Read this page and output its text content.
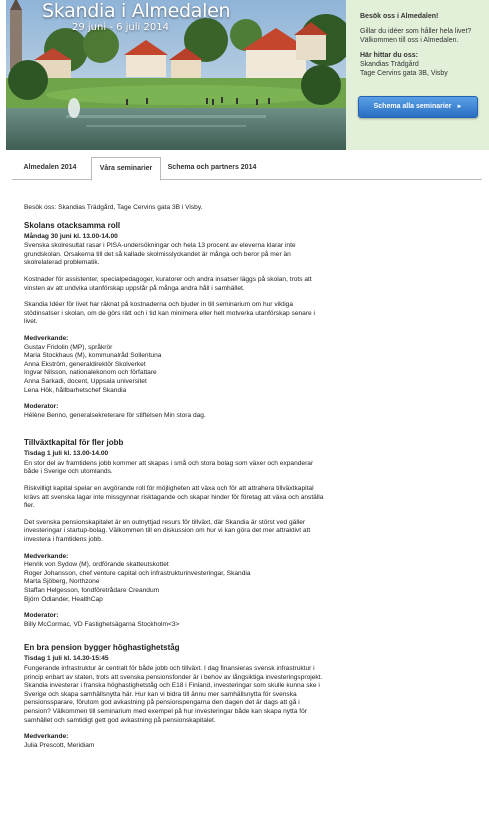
Skandia i Almedalen
29 juni - 6 juli 2014
Besök oss i Almedalen!
Gillar du idéer som håller hela livet? Välkommen till oss i Almedalen.
Här hittar du oss:
Skandias Trädgård
Tage Cervins gata 3B, Visby
Schema alla seminarier ►
Almedalen 2014	Våra seminarier	Schema och partners 2014

Besök oss: Skandias Trädgård, Tage Cervins gata 3B i Visby.

Skolans otacksamma roll
Måndag 30 juni kl. 13.00-14.00

Svenska skolresultat rasar i PISA-undersökningar och hela 13 procent av eleverna klarar inte grundskolan. Orsakerna till det så kallade skolmisslyckandet är många och beror på mer än skolrelaterad problematik.

Kostnader för assistenter, specialpedagoger, kuratorer och andra insatser läggs på skolan, trots att vinsten av att undvika utanförskap uppstår på många andra håll i samhället.

Skandia Idéer för livet har räknat på kostnaderna och bjuder in till seminarium om hur viktiga stödinsatser i skolan, om de görs rätt och i tid kan minimera eller helt motverka utanförskap senare i livet.

Medverkande:
Gustav Fridolin (MP), språkrör
Maria Stockhaus (M), kommunalråd Sollentuna
Anna Ekström, generaldirektör Skolverket
Ingvar Nilsson, nationalekonom och författare
Anna Sarkadi, docent, Uppsala universitet
Lena Hök, hållbarhetschef Skandia
Moderator:
Hélène Benno, generalsekreterare för stiftelsen Min stora dag.
Tillväxtkapital för fler jobb
Tisdag 1 juli kl. 13.00-14.00

En stor del av framtidens jobb kommer att skapas i små och stora bolag som växer och expanderar både i Sverige och utomlands.

Riskvilligt kapital spelar en avgörande roll för möjligheten att växa och för att attrahera tillväxtkapital krävs att svenska lagar inte missgynnar risktagande och skapar hinder för företag att växa och anställa fler.

Det svenska pensionskapitalet är en outnyttjad resurs för tillväxt, där Skandia är störst ved gäller investeringar i startup-bolag. Välkommen till en diskussion om hur vi kan göra det mer attraktivt att investera i framtidens jobb.

Medverkande:
Henrik von Sydow (M), ordförande skatteutskottet
Roger Johansson, chef venture capital och infrastrukturinvesteringar, Skandia
Marta Sjöberg, Northzone
Staffan Helgesson, fondföretrådare Creandum
Björn Odlander, HealthCap
Moderator:
Billy McCormac, VD Fastighetsägarna Stockholm<3>
En bra pension bygger höghastighetståg
Tisdag 1 juli kl. 14.30-15:45

Fungerande infrastruktur är centralt för både jobb och tillväxt. I dag finansieras svensk infrastruktur i princip enbart av staten, trots att svenska pensionsfonder är i behov av långsiktiga investeringsprojekt. Skandia investerar i franska höghastighetståg och E18 i Finland, investeringar som skulle kunna ske i Sverige och skapa samhällsnytta här. Hur kan vi bidra till ännu mer samhällsnytta för svenska pensionssparare, förutom god avkastning på pensionspengarna den dagen det är dags att gå i pension? Välkommen till seminarium med exempel på hur investeringar både kan skapa nytta för samhället och samtidigt gett god avkastning på pensionskapitalet.

Medverkande:
Julia Prescott, Meridiam
